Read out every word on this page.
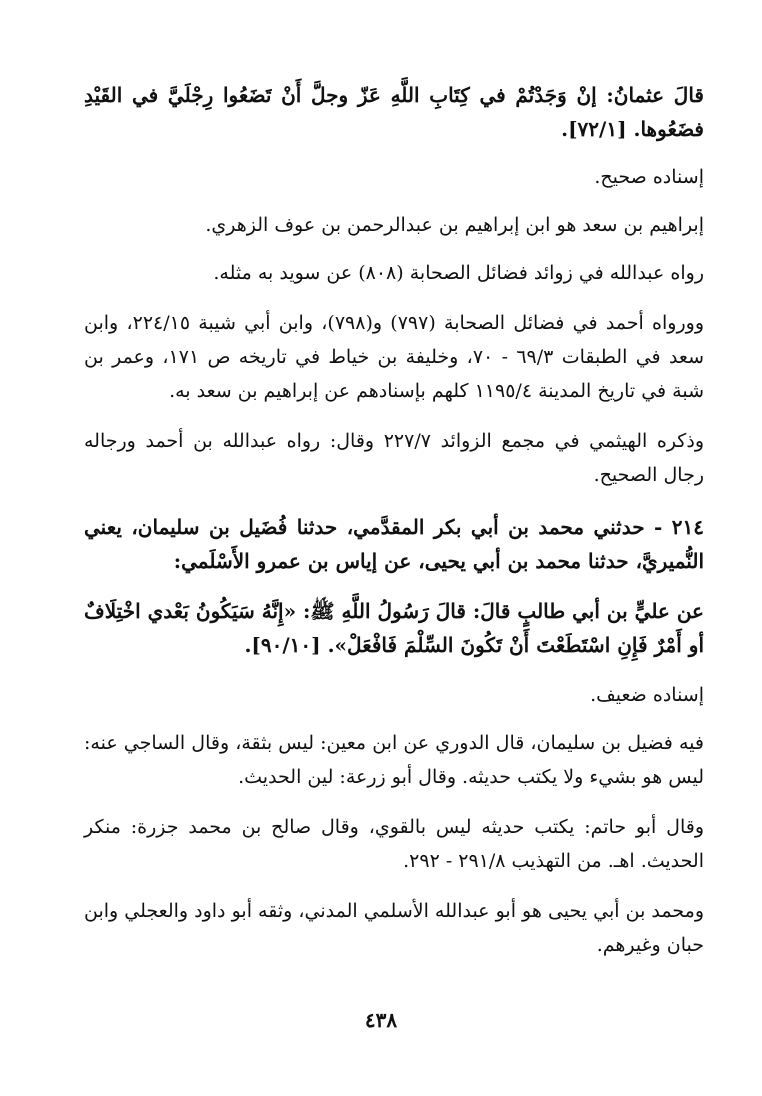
قالَ عثمانُ: إنْ وَجَدْتُمْ في كِتَابِ اللَّهِ عَزّ وجلَّ أَنْ تَضَعُوا رِجْلَيَّ في القَيْدِ فضَعُوها. [٧٢/١].

إسناده صحيح.

إبراهيم بن سعد هو ابن إبراهيم بن عبدالرحمن بن عوف الزهري.

رواه عبدالله في زوائد فضائل الصحابة (٨٠٨) عن سويد به مثله.

وورواه أحمد في فضائل الصحابة (٧٩٧) و(٧٩٨)، وابن أبي شيبة ٢٢٤/١٥، وابن سعد في الطبقات ٦٩/٣ - ٧٠، وخليفة بن خياط في تاريخه ص ١٧١، وعمر بن شبة في تاريخ المدينة ١١٩٥/٤ كلهم بإسنادهم عن إبراهيم بن سعد به.

وذكره الهيثمي في مجمع الزوائد ٢٢٧/٧ وقال: رواه عبدالله بن أحمد ورجاله رجال الصحيح.

٢١٤ - حدثني محمد بن أبي بكر المقدَّمي، حدثنا فُضَيل بن سليمان، يعني النُّميريَّ، حدثنا محمد بن أبي يحيى، عن إياس بن عمرو الأَسْلَمي:

عن عليٍّ بن أبي طالبٍ قالَ: قالَ رَسُولُ اللَّهِ ﷺ: «إِنَّهُ سَيَكُونُ بَعْدي اخْتِلَافٌ أو أَمْرٌ فَإِنِ اسْتَطَعْتَ أَنْ تَكُونَ السِّلْمَ فَافْعَلْ». [٩٠/١٠].

إسناده ضعيف.

فيه فضيل بن سليمان، قال الدوري عن ابن معين: ليس بثقة، وقال الساجي عنه: ليس هو بشيء ولا يكتب حديثه. وقال أبو زرعة: لين الحديث.

وقال أبو حاتم: يكتب حديثه ليس بالقوي، وقال صالح بن محمد جزرة: منكر الحديث. اهـ. من التهذيب ٢٩١/٨ - ٢٩٢.

ومحمد بن أبي يحيى هو أبو عبدالله الأسلمي المدني، وثقه أبو داود والعجلي وابن حبان وغيرهم.

٤٣٨
